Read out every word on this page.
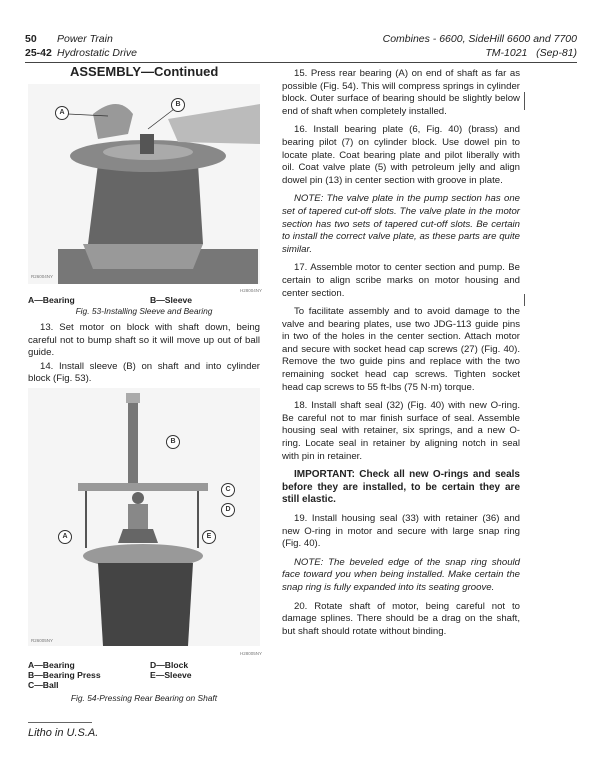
50 Power Train
25-42 Hydrostatic Drive
Combines - 6600, SideHill 6600 and 7700
TM-1021 (Sep-81)
ASSEMBLY—Continued
A
B
R26004NY
H28004NY
A—Bearing	B—Sleeve
Fig. 53-Installing Sleeve and Bearing

13. Set motor on block with shaft down, being careful not to bump shaft so it will move up out of ball guide.

14. Install sleeve (B) on shaft and into cylinder block (Fig. 53).

B
A
C
D
E
R26005NY
H28005NY
A—Bearing
B—Bearing Press
C—Ball
D—Block
E—Sleeve
Fig. 54-Pressing Rear Bearing on Shaft

15. Press rear bearing (A) on end of shaft as far as possible (Fig. 54). This will compress springs in cylinder block. Outer surface of bearing should be slightly below end of shaft when completely installed.

16. Install bearing plate (6, Fig. 40) (brass) and bearing pilot (7) on cylinder block. Use dowel pin to locate plate. Coat bearing plate and pilot liberally with oil. Coat valve plate (5) with petroleum jelly and align dowel pin (13) in center section with groove in plate.

NOTE: The valve plate in the pump section has one set of tapered cut-off slots. The valve plate in the motor section has two sets of tapered cut-off slots. Be certain to install the correct valve plate, as these parts are quite similar.

17. Assemble motor to center section and pump. Be certain to align scribe marks on motor housing and center section.

To facilitate assembly and to avoid damage to the valve and bearing plates, use two JDG-113 guide pins in two of the holes in the center section. Attach motor and secure with socket head cap screws (27) (Fig. 40). Remove the two guide pins and replace with the two remaining socket head cap screws. Tighten socket head cap screws to 55 ft-lbs (75 N·m) torque.

18. Install shaft seal (32) (Fig. 40) with new O-ring. Be careful not to mar finish surface of seal. Assemble housing seal with retainer, six springs, and a new O-ring. Locate seal in retainer by aligning notch in seal with pin in retainer.

IMPORTANT: Check all new O-rings and seals before they are installed, to be certain they are still elastic.

19. Install housing seal (33) with retainer (36) and new O-ring in motor and secure with large snap ring (Fig. 40).

NOTE: The beveled edge of the snap ring should face toward you when being installed. Make certain the snap ring is fully expanded into its seating groove.

20. Rotate shaft of motor, being careful not to damage splines. There should be a drag on the shaft, but shaft should rotate without binding.

Litho in U.S.A.
